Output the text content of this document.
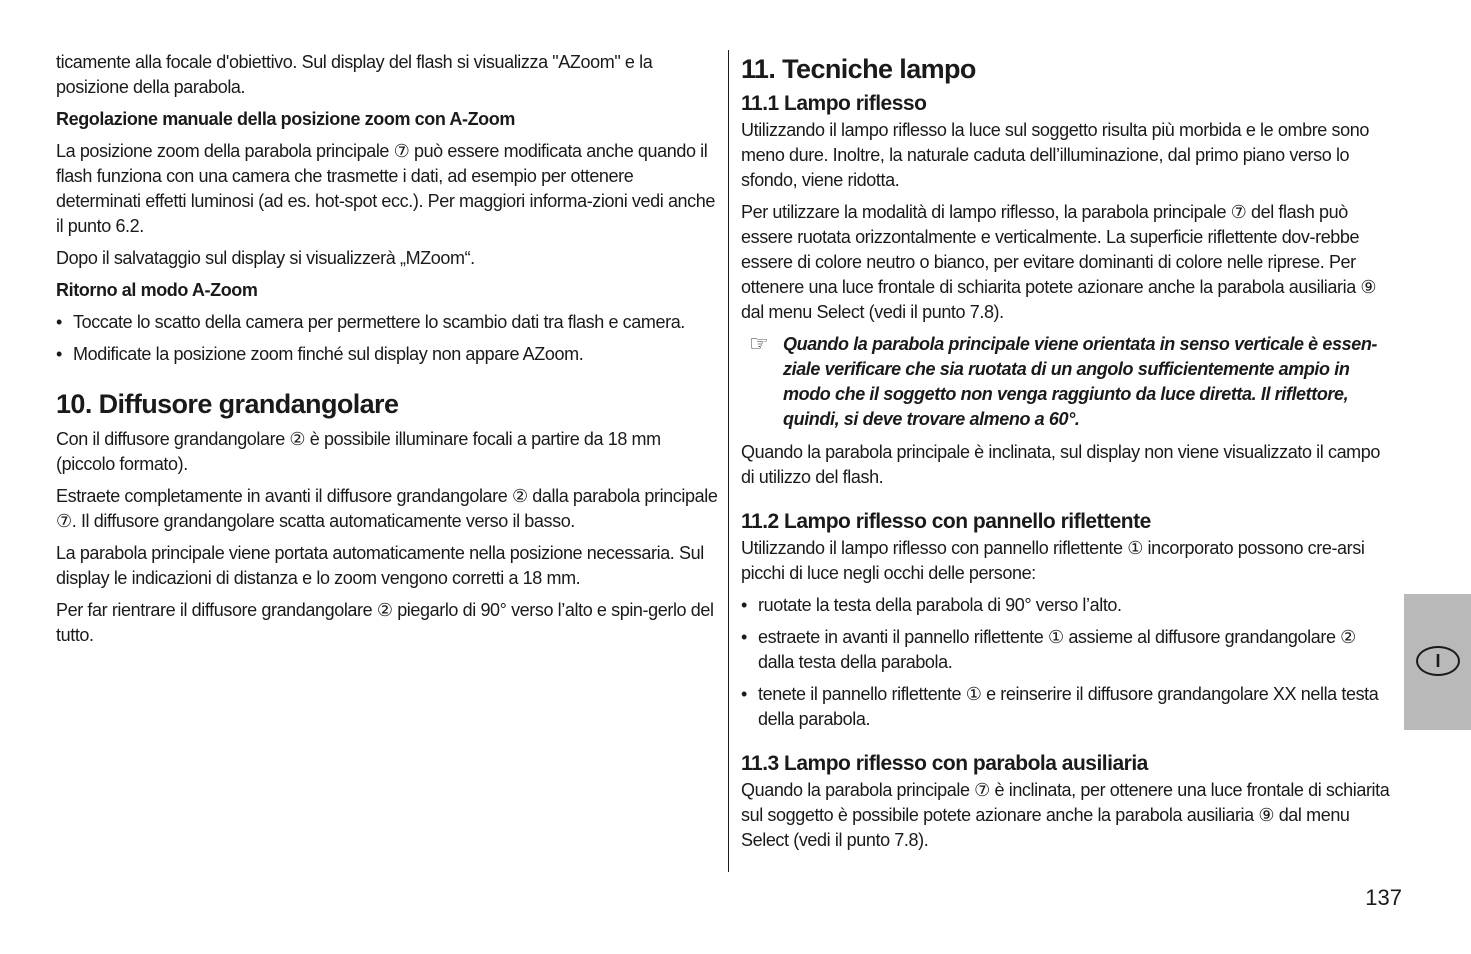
ticamente alla focale d'obiettivo. Sul display del flash si visualizza "AZoom" e la posizione della parabola.

Regolazione manuale della posizione zoom con A-Zoom

La posizione zoom della parabola principale ⑦ può essere modificata anche quando il flash funziona con una camera che trasmette i dati, ad esempio per ottenere determinati effetti luminosi (ad es. hot-spot ecc.). Per maggiori informa-zioni vedi anche il punto 6.2.

Dopo il salvataggio sul display si visualizzerà „MZoom“.

Ritorno al modo A-Zoom

• Toccate lo scatto della camera per permettere lo scambio dati tra flash e camera.

• Modificate la posizione zoom finché sul display non appare AZoom.

10. Diffusore grandangolare

Con il diffusore grandangolare ② è possibile illuminare focali a partire da 18 mm (piccolo formato).

Estraete completamente in avanti il diffusore grandangolare ② dalla parabola principale ⑦. Il diffusore grandangolare scatta automaticamente verso il basso.

La parabola principale viene portata automaticamente nella posizione necessaria. Sul display le indicazioni di distanza e lo zoom vengono corretti a 18 mm.

Per far rientrare il diffusore grandangolare ② piegarlo di 90° verso l’alto e spin-gerlo del tutto.

11. Tecniche lampo
11.1 Lampo riflesso

Utilizzando il lampo riflesso la luce sul soggetto risulta più morbida e le ombre sono meno dure. Inoltre, la naturale caduta dell’illuminazione, dal primo piano verso lo sfondo, viene ridotta.

Per utilizzare la modalità di lampo riflesso, la parabola principale ⑦ del flash può essere ruotata orizzontalmente e verticalmente. La superficie riflettente dov-rebbe essere di colore neutro o bianco, per evitare dominanti di colore nelle riprese. Per ottenere una luce frontale di schiarita potete azionare anche la parabola ausiliaria ⑨ dal menu Select (vedi il punto 7.8).

☞ Quando la parabola principale viene orientata in senso verticale è essen-ziale verificare che sia ruotata di un angolo sufficientemente ampio in modo che il soggetto non venga raggiunto da luce diretta. Il riflettore, quindi, si deve trovare almeno a 60°.

Quando la parabola principale è inclinata, sul display non viene visualizzato il campo di utilizzo del flash.

11.2 Lampo riflesso con pannello riflettente

Utilizzando il lampo riflesso con pannello riflettente ① incorporato possono cre-arsi picchi di luce negli occhi delle persone:

• ruotate la testa della parabola di 90° verso l’alto.

• estraete in avanti il pannello riflettente ① assieme al diffusore grandangolare ② dalla testa della parabola.

• tenete il pannello riflettente ① e reinserire il diffusore grandangolare XX nella testa della parabola.

11.3 Lampo riflesso con parabola ausiliaria

Quando la parabola principale ⑦ è inclinata, per ottenere una luce frontale di schiarita sul soggetto è possibile potete azionare anche la parabola ausiliaria ⑨ dal menu Select (vedi il punto 7.8).

I
137
